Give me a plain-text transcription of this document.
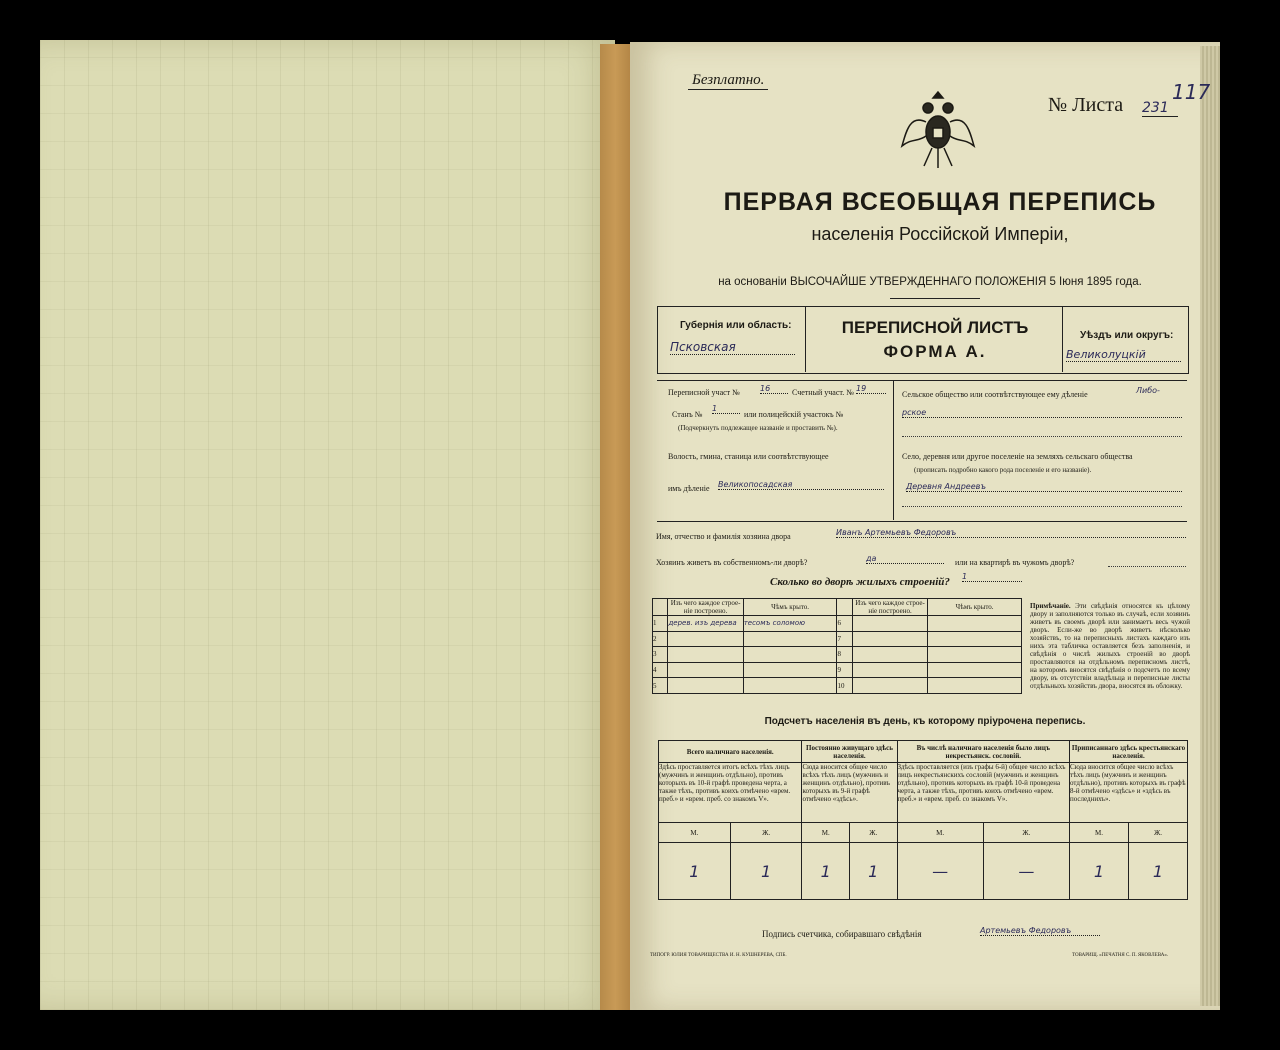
Безплатно.
№ Листа 231
117
ПЕРВАЯ ВСЕОБЩАЯ ПЕРЕПИСЬ
населенія Россійской Имперіи,
на основаніи ВЫСОЧАЙШЕ УТВЕРЖДЕННАГО ПОЛОЖЕНІЯ 5 Іюня 1895 года.
Губернія или область:
Псковская
ПЕРЕПИСНОЙ ЛИСТЪ
ФОРМА А.
Уѣздъ или округъ:
Великолуцкій
Переписной участ №	16	Счетный участ. № 19
Станъ №
1
или полицейскій участокъ №
(Подчеркнуть подлежащее названіе и проставить №).
Волость, гмина, станица или соотвѣтствующее
имъ дѣленіе Великопосадская
Сельское общество или соотвѣтствующее ему дѣленіе	Либо-
рское
Село, деревня или другое поселеніе на земляхъ сельскаго общества
(прописать подробно какого рода поселеніе и его названіе).
Деревня Андреевъ
Имя, отчество и фамилія хозяина двора	Иванъ Артемьевъ Федоровъ
Хозяинъ живетъ въ собственномъ-ли дворѣ?	да	или на квартирѣ въ чужомъ дворѣ?
Сколько во дворѣ жилыхъ строеній? 1
	Изъ чего каждое строе-ніе построено.	Чѣмъ крыто.		Изъ чего каждое строе-ніе построено.	Чѣмъ крыто.
1	дерев. изъ дерева	тесомъ соломою	6		
2			7		
3			8		
4			9		
5			10		
Примѣчаніе. Эти свѣдѣнія относятся къ цѣлому двору и заполняются только въ случаѣ, если хозяинъ живетъ въ своемъ дворѣ или занимаетъ весь чужой дворъ. Если-же во дворѣ живетъ нѣсколько хозяйствъ, то на переписныхъ листахъ каждаго изъ нихъ эта табличка оставляется безъ заполненія, и свѣдѣнія о числѣ жилыхъ строеній во дворѣ проставляются на отдѣльномъ переписномъ листѣ, на которомъ вносятся свѣдѣнія о подсчетъ по всему двору, въ отсутствіи владѣльца и переписные листы отдѣльныхъ хозяйствъ двора, вносятся въ обложку.
Подсчетъ населенія въ день, къ которому пріурочена перепись.
Всего наличнаго населенія.		Постоянно живущаго здѣсь населенія.		Въ числѣ наличнаго населенія было лицъ некрестьянск. сословій.		Приписаннаго здѣсь крестьянскаго населенія.	
Здѣсь проставляется итогъ всѣхъ тѣхъ лицъ (мужчинъ и женщинъ отдѣльно), противъ которыхъ въ 10-й графѣ проведена черта, а также тѣхъ, противъ коихъ отмѣчено «врем. преб.» и «врем. преб. со знакомъ V».		Сюда вносится общее число всѣхъ тѣхъ лицъ (мужчинъ и женщинъ отдѣльно), противъ которыхъ въ 9-й графѣ отмѣчено «здѣсь».		Здѣсь проставляется (изъ графы 6-й) общее число всѣхъ лицъ некрестьянскихъ сословій (мужчинъ и женщинъ отдѣльно), противъ которыхъ въ графѣ 10-й проведена черта, а также тѣхъ, противъ коихъ отмѣчено «врем. преб.» и «врем. преб. со знакомъ V».		Сюда вносится общее число всѣхъ тѣхъ лицъ (мужчинъ и женщинъ отдѣльно), противъ которыхъ въ графѣ 8-й отмѣчено «здѣсь» и «здѣсь въ последнихъ».	
М.	Ж.	М.	Ж.	М.	Ж.	М.	Ж.
1	1	1	1	—	—	1	1
Подпись счетчика, собиравшаго свѣдѣнія	Артемьевъ Федоровъ
ТИПОГР. ЮЛИЯ ТОВАРИЩЕСТВА И. Н. КУШНЕРЕВА, СПБ.	ТОВАРИЩ. «ПЕЧАТНЯ С. П. ЯКОВЛЕВА».
